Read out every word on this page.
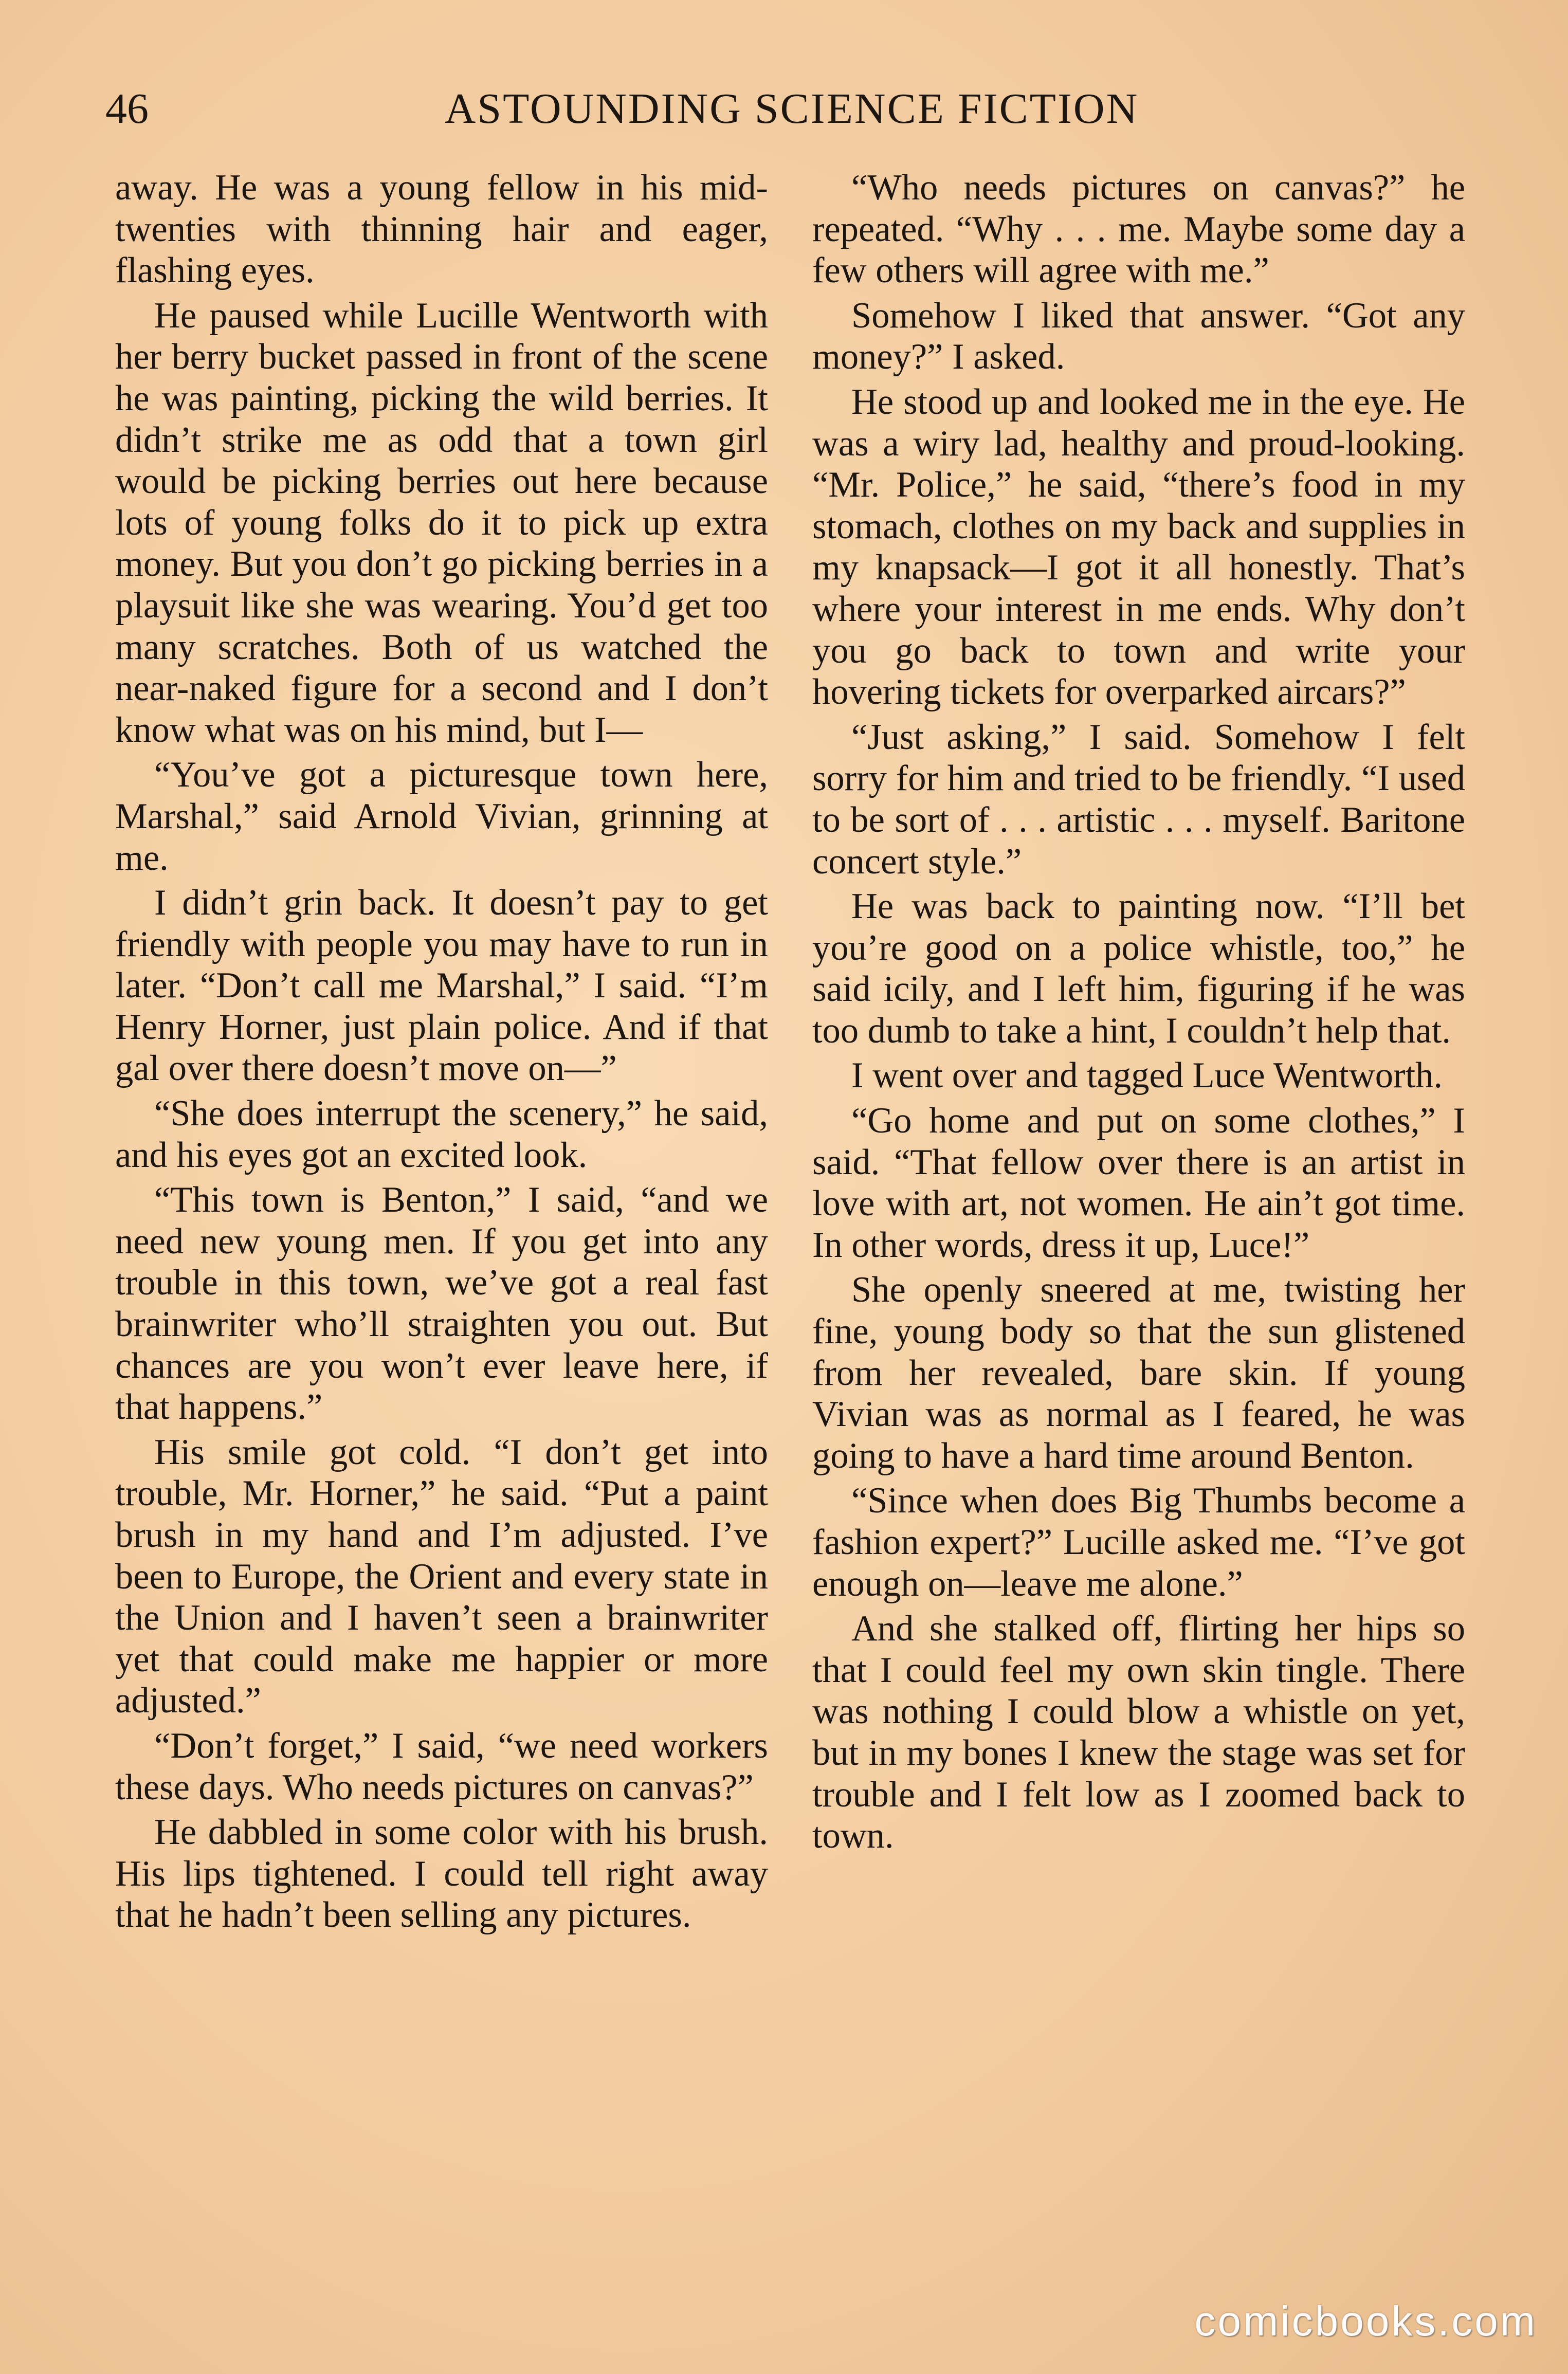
46	ASTOUNDING SCIENCE FICTION

away. He was a young fellow in his mid-twenties with thinning hair and eager, flashing eyes.

He paused while Lucille Wentworth with her berry bucket passed in front of the scene he was painting, picking the wild berries. It didn’t strike me as odd that a town girl would be picking berries out here because lots of young folks do it to pick up extra money. But you don’t go picking berries in a playsuit like she was wearing. You’d get too many scratches. Both of us watched the near-naked figure for a second and I don’t know what was on his mind, but I—

“You’ve got a picturesque town here, Marshal,” said Arnold Vivian, grinning at me.

I didn’t grin back. It doesn’t pay to get friendly with people you may have to run in later. “Don’t call me Marshal,” I said. “I’m Henry Horner, just plain police. And if that gal over there doesn’t move on—”

“She does interrupt the scenery,” he said, and his eyes got an excited look.

“This town is Benton,” I said, “and we need new young men. If you get into any trouble in this town, we’ve got a real fast brainwriter who’ll straighten you out. But chances are you won’t ever leave here, if that happens.”

His smile got cold. “I don’t get into trouble, Mr. Horner,” he said. “Put a paint brush in my hand and I’m adjusted. I’ve been to Europe, the Orient and every state in the Union and I haven’t seen a brainwriter yet that could make me happier or more adjusted.”

“Don’t forget,” I said, “we need workers these days. Who needs pictures on canvas?”

He dabbled in some color with his brush. His lips tightened. I could tell right away that he hadn’t been selling any pictures.

“Who needs pictures on canvas?” he repeated. “Why . . . me. Maybe some day a few others will agree with me.”

Somehow I liked that answer. “Got any money?” I asked.

He stood up and looked me in the eye. He was a wiry lad, healthy and proud-looking. “Mr. Police,” he said, “there’s food in my stomach, clothes on my back and supplies in my knapsack—I got it all honestly. That’s where your interest in me ends. Why don’t you go back to town and write your hovering tickets for overparked aircars?”

“Just asking,” I said. Somehow I felt sorry for him and tried to be friendly. “I used to be sort of . . . artistic . . . myself. Baritone concert style.”

He was back to painting now. “I’ll bet you’re good on a police whistle, too,” he said icily, and I left him, figuring if he was too dumb to take a hint, I couldn’t help that.

I went over and tagged Luce Wentworth.

“Go home and put on some clothes,” I said. “That fellow over there is an artist in love with art, not women. He ain’t got time. In other words, dress it up, Luce!”

She openly sneered at me, twisting her fine, young body so that the sun glistened from her revealed, bare skin. If young Vivian was as normal as I feared, he was going to have a hard time around Benton.

“Since when does Big Thumbs become a fashion expert?” Lucille asked me. “I’ve got enough on—leave me alone.”

And she stalked off, flirting her hips so that I could feel my own skin tingle. There was nothing I could blow a whistle on yet, but in my bones I knew the stage was set for trouble and I felt low as I zoomed back to town.

comicbooks.com
